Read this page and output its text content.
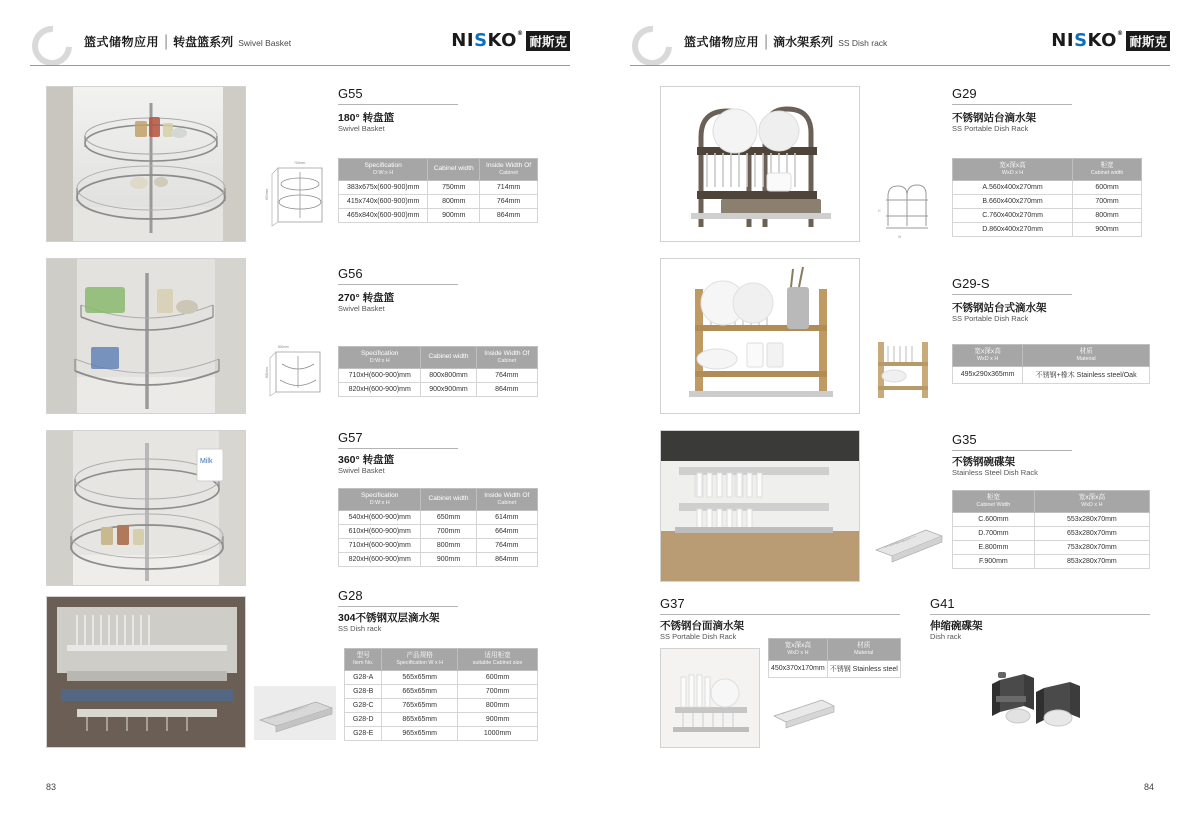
篮式储物应用 | 转盘篮系列 Swivel Basket	NISKO®
耐斯克
G55
180° 转盘篮
Swivel Basket
700mm
650mm
Specification
D:W:x H	Cabinet width	Inside Width Of
Cabinet

383x675x(600-900)mm	750mm	714mm
415x740x(600-900)mm	800mm	764mm
465x840x(600-900)mm	900mm	864mm
G56
270° 转盘篮
Swivel Basket
800mm
800mm
Specification
D:W:x H	Cabinet width	Inside Width Of
Cabinet

710xH(600-900)mm	800x800mm	764mm
820xH(600-900)mm	900x900mm	864mm
Milk
G57
360° 转盘篮
Swivel Basket
Specification
D:W:x H	Cabinet width	Inside Width Of
Cabinet

540xH(600-900)mm	650mm	614mm
610xH(600-900)mm	700mm	664mm
710xH(600-900)mm	800mm	764mm
820xH(600-900)mm	900mm	864mm
G28
304不锈钢双层滴水架
SS Dish rack
型号
Item No.	产品规格
Specification W x H	适用柜宽
suitable Cabinet size

G28-A	565x65mm	600mm
G28-B	665x65mm	700mm
G28-C	765x65mm	800mm
G28-D	865x65mm	900mm
G28-E	965x65mm	1000mm
83
篮式储物应用 | 滴水架系列 SS Dish rack	NISKO®
耐斯克
G29
不锈钢站台滴水架
SS Portable Dish Rack
W
H
宽x深x高
WxD x H	柜宽
Cabinet width

A.560x400x270mm	600mm
B.660x400x270mm	700mm
C.760x400x270mm	800mm
D.860x400x270mm	900mm
G29-S
不锈钢站台式滴水架
SS Portable Dish Rack
宽x深x高
WxD x H	材质
Material

495x290x365mm	不锈钢+橡木 Stainless steel/Oak
G35
不锈钢碗碟架
Stainless Steel Dish Rack
柜宽
Cabinet Width	宽x深x高
WxD x H

C.600mm	553x280x70mm
D.700mm	653x280x70mm
E.800mm	753x280x70mm
F.900mm	853x280x70mm
G37
不锈钢台面滴水架
SS Portable Dish Rack
宽x深x高
WxD x H	材质
Material

450x370x170mm	不锈钢 Stainless steel
G41
伸缩碗碟架
Dish rack
84
